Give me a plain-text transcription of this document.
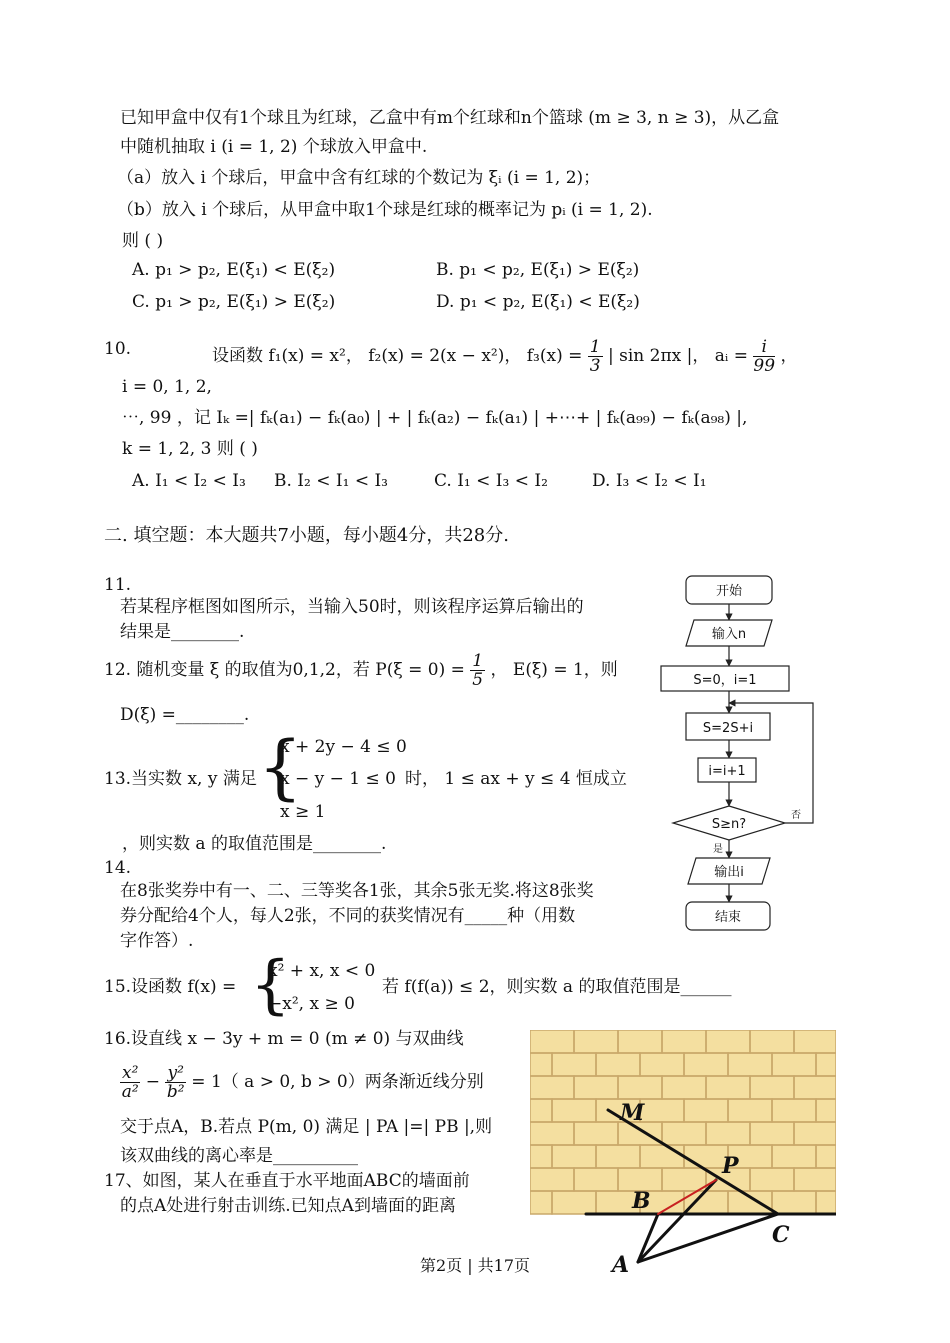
已知甲盒中仅有1个球且为红球，乙盒中有m个红球和n个篮球 (m ≥ 3, n ≥ 3)，从乙盒
中随机抽取 i (i = 1, 2) 个球放入甲盒中.
（a）放入 i 个球后，甲盒中含有红球的个数记为 ξᵢ (i = 1, 2)；
（b）放入 i 个球后，从甲盒中取1个球是红球的概率记为 pᵢ (i = 1, 2).
则 ( )
A. p₁ > p₂, E(ξ₁) < E(ξ₂)	B. p₁ < p₂, E(ξ₁) > E(ξ₂)
C. p₁ > p₂, E(ξ₁) > E(ξ₂)	D. p₁ < p₂, E(ξ₁) < E(ξ₂)
10.	设函数 f₁(x) = x²， f₂(x) = 2(x − x²)， $f_3(x) = \frac{1}{3}$ | sin 2πx |， aᵢ = $\frac{i}{99}$ ，
i = 0, 1, 2,
⋯, 99 ，记 Iₖ =| fₖ(a₁) − fₖ(a₀) | + | fₖ(a₂) − fₖ(a₁) | +⋯+ | fₖ(a₉₉) − fₖ(a₉₈) |,
k = 1, 2, 3 则 ( )
A. I₁ < I₂ < I₃ B. I₂ < I₁ < I₃	C. I₁ < I₃ < I₂	D. I₃ < I₂ < I₁
二. 填空题：本大题共7小题，每小题4分，共28分.
11.
若某程序框图如图所示，当输入50时，则该程序运算后输出的
结果是________.
12. 随机变量 ξ 的取值为0,1,2，若 $P(\xi = 0) = \frac{1}{5}$ ， E(ξ) = 1，则
D(ξ) =________.
13.当实数 x, y 满足 {
x + 2y − 4 ≤ 0
x − y − 1 ≤ 0
x ≥ 1
时， 1 ≤ ax + y ≤ 4 恒成立
，则实数 a 的取值范围是________.
14.
在8张奖券中有一、二、三等奖各1张，其余5张无奖.将这8张奖
券分配给4个人，每人2张，不同的获奖情况有_____种（用数
字作答）.
15.设函数 f(x) = {
x² + x, x < 0
−x², x ≥ 0
若 f(f(a)) ≤ 2，则实数 a 的取值范围是______
16.设直线 x − 3y + m = 0 (m ≠ 0) 与双曲线
$\frac{\text{x²}}{\text{a²}} - \frac{\text{y²}}{\text{b²}} = 1$（ a > 0, b > 0）两条渐近线分别
交于点A，B.若点 P(m, 0) 满足 | PA |=| PB |,则
该双曲线的离心率是__________
17、如图，某人在垂直于水平地面ABC的墙面前
的点A处进行射击训练.已知点A到墙面的距离
开始
输入n
S=0，i=1
S=2S+i
i=i+1
S≥n?
否
是
输出i
结束
M
P
B
C
A
第2页 | 共17页
